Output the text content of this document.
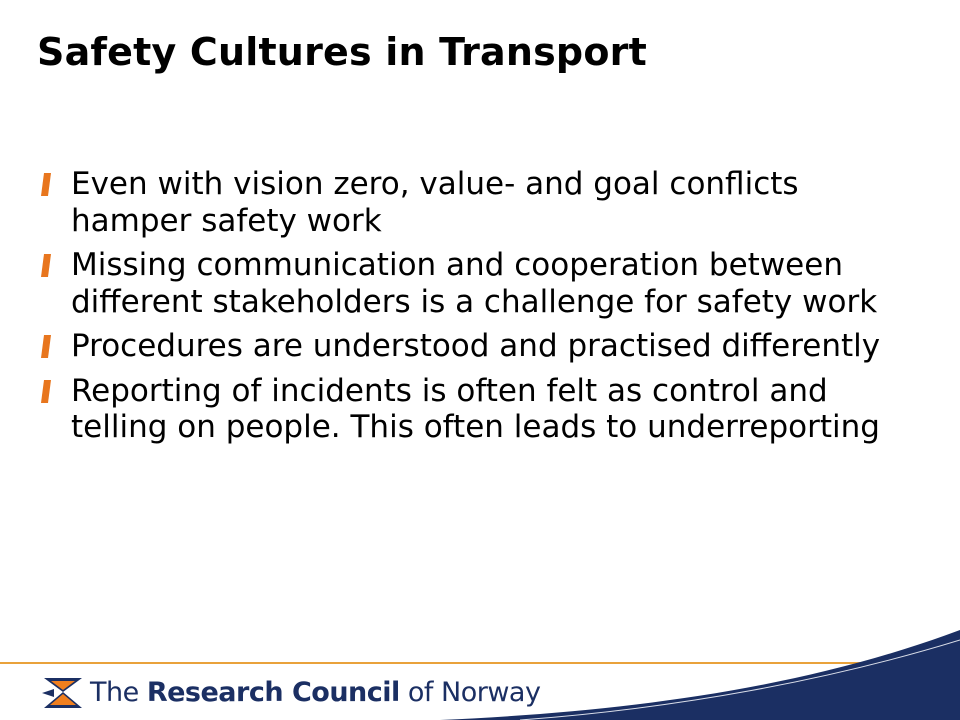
Safety Cultures in Transport
Even with vision zero, value- and goal conflicts hamper safety work
Missing communication and cooperation between different stakeholders is a challenge for safety work
Procedures are understood and practised differently
Reporting of incidents is often felt as control and telling on people. This often leads to underreporting
The Research Council of Norway
